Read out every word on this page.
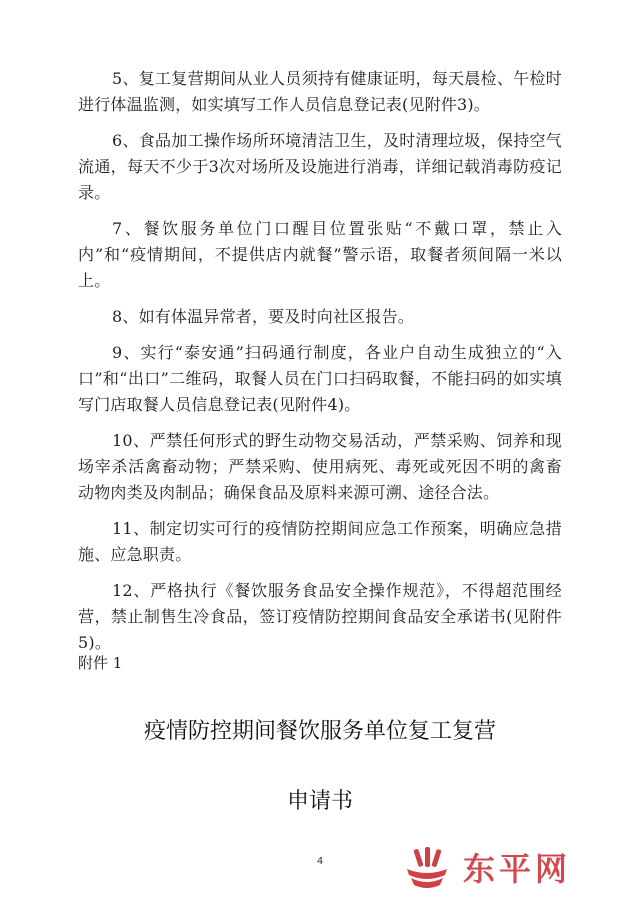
5、复工复营期间从业人员须持有健康证明，每天晨检、午检时进行体温监测，如实填写工作人员信息登记表(见附件3)。

6、食品加工操作场所环境清洁卫生，及时清理垃圾，保持空气流通，每天不少于3次对场所及设施进行消毒，详细记载消毒防疫记录。

7、餐饮服务单位门口醒目位置张贴“不戴口罩，禁止入内”和“疫情期间，不提供店内就餐”警示语，取餐者须间隔一米以上。

8、如有体温异常者，要及时向社区报告。

9、实行“泰安通”扫码通行制度，各业户自动生成独立的“入口”和“出口”二维码，取餐人员在门口扫码取餐，不能扫码的如实填写门店取餐人员信息登记表(见附件4)。

10、严禁任何形式的野生动物交易活动，严禁采购、饲养和现场宰杀活禽畜动物；严禁采购、使用病死、毒死或死因不明的禽畜动物肉类及肉制品；确保食品及原料来源可溯、途径合法。

11、制定切实可行的疫情防控期间应急工作预案，明确应急措施、应急职责。

12、严格执行《餐饮服务食品安全操作规范》，不得超范围经营，禁止制售生冷食品，签订疫情防控期间食品安全承诺书(见附件5)。

附件 1
疫情防控期间餐饮服务单位复工复营
申请书
4	东平网
